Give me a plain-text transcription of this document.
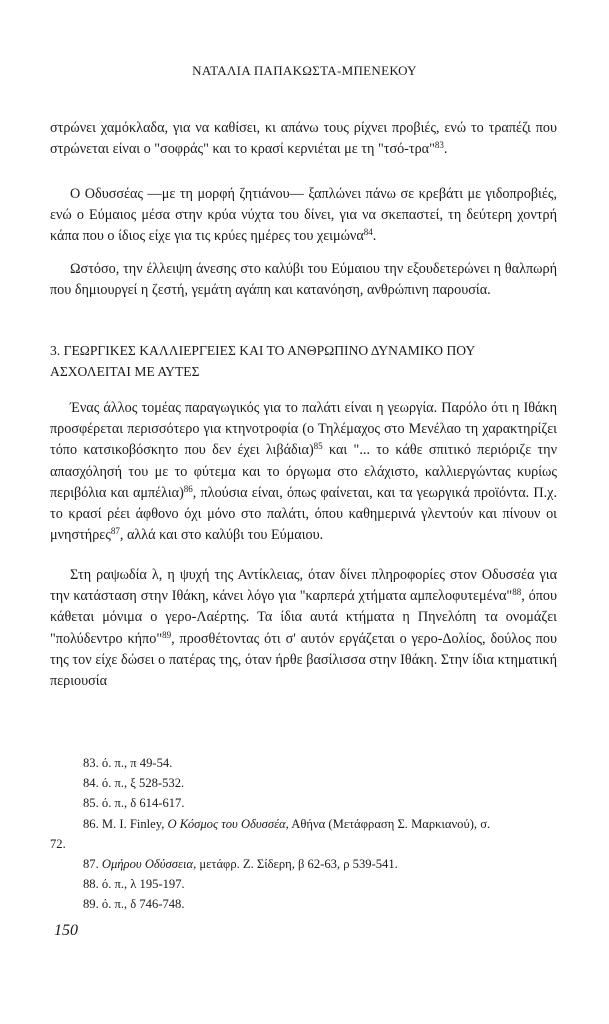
ΝΑΤΑΛΙΑ ΠΑΠΑΚΩΣΤΑ-ΜΠΕΝΕΚΟΥ

στρώνει χαμόκλαδα, για να καθίσει, κι απάνω τους ρίχνει προβιές, ενώ το τραπέζι που στρώνεται είναι ο "σοφράς" και το κρασί κερνιέται με τη "τσό-τρα"$^{83}$.

Ο Οδυσσέας —με τη μορφή ζητιάνου— ξαπλώνει πάνω σε κρεβάτι με γιδοπροβιές, ενώ ο Εύμαιος μέσα στην κρύα νύχτα του δίνει, για να σκεπαστεί, τη δεύτερη χοντρή κάπα που ο ίδιος είχε για τις κρύες ημέρες του χειμώνα$^{84}$.

Ωστόσο, την έλλειψη άνεσης στο καλύβι του Εύμαιου την εξουδετερώνει η θαλπωρή που δημιουργεί η ζεστή, γεμάτη αγάπη και κατανόηση, ανθρώπινη παρουσία.

3. ΓΕΩΡΓΙΚΕΣ ΚΑΛΛΙΕΡΓΕΙΕΣ ΚΑΙ ΤΟ ΑΝΘΡΩΠΙΝΟ ΔΥΝΑΜΙΚΟ ΠΟΥ ΑΣΧΟΛΕΙΤΑΙ ΜΕ ΑΥΤΕΣ

Ένας άλλος τομέας παραγωγικός για το παλάτι είναι η γεωργία. Παρόλο ότι η Ιθάκη προσφέρεται περισσότερο για κτηνοτροφία (ο Τηλέμαχος στο Μενέλαο τη χαρακτηρίζει τόπο κατσικοβόσκητο που δεν έχει λιβάδια)$^{85}$ και "... το κάθε σπιτικό περιόριζε την απασχόλησή του με το φύτεμα και το όργωμα στο ελάχιστο, καλλιεργώντας κυρίως περιβόλια και αμπέλια)$^{86}$, πλούσια είναι, όπως φαίνεται, και τα γεωργικά προϊόντα. Π.χ. το κρασί ρέει άφθονο όχι μόνο στο παλάτι, όπου καθημερινά γλεντούν και πίνουν οι μνηστήρες$^{87}$, αλλά και στο καλύβι του Εύμαιου.

Στη ραψωδία λ, η ψυχή της Αντίκλειας, όταν δίνει πληροφορίες στον Οδυσσέα για την κατάσταση στην Ιθάκη, κάνει λόγο για "καρπερά χτήματα αμπελοφυτεμένα"$^{88}$, όπου κάθεται μόνιμα ο γερο-Λαέρτης. Τα ίδια αυτά κτήματα η Πηνελόπη τα ονομάζει "πολύδεντρο κήπο"$^{89}$, προσθέτοντας ότι σ' αυτόν εργάζεται ο γερο-Δολίος, δούλος που της τον είχε δώσει ο πατέρας της, όταν ήρθε βασίλισσα στην Ιθάκη. Στην ίδια κτηματική περιουσία

83. ό. π., π 49-54.
84. ό. π., ξ 528-532.
85. ό. π., δ 614-617.
86. M. I. Finley, Ο Κόσμος του Οδυσσέα, Αθήνα (Μετάφραση Σ. Μαρκιανού), σ.
72.
87. Ομήρου Οδύσσεια, μετάφρ. Ζ. Σίδερη, β 62-63, ρ 539-541.
88. ό. π., λ 195-197.
89. ό. π., δ 746-748.
150
